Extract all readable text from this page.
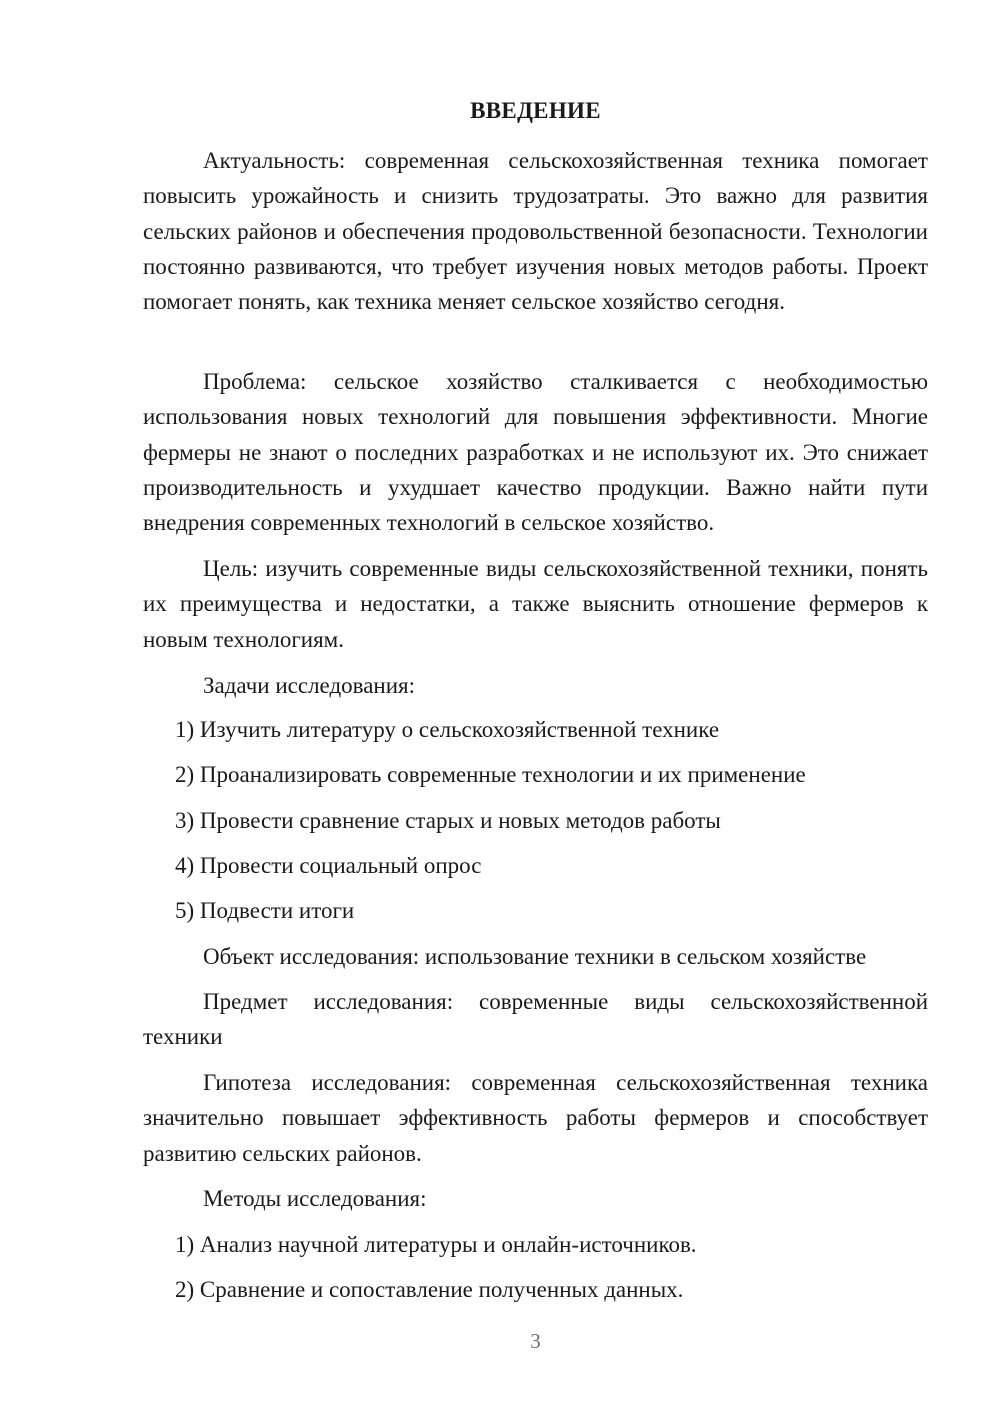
ВВЕДЕНИЕ

Актуальность: современная сельскохозяйственная техника помогает повысить урожайность и снизить трудозатраты. Это важно для развития сельских районов и обеспечения продовольственной безопасности. Технологии постоянно развиваются, что требует изучения новых методов работы. Проект помогает понять, как техника меняет сельское хозяйство сегодня.

Проблема: сельское хозяйство сталкивается с необходимостью использования новых технологий для повышения эффективности. Многие фермеры не знают о последних разработках и не используют их. Это снижает производительность и ухудшает качество продукции. Важно найти пути внедрения современных технологий в сельское хозяйство.

Цель: изучить современные виды сельскохозяйственной техники, понять их преимущества и недостатки, а также выяснить отношение фермеров к новым технологиям.

Задачи исследования:
1) Изучить литературу о сельскохозяйственной технике
2) Проанализировать современные технологии и их применение
3) Провести сравнение старых и новых методов работы
4) Провести социальный опрос
5) Подвести итоги
Объект исследования: использование техники в сельском хозяйстве

Предмет исследования: современные виды сельскохозяйственной техники

Гипотеза исследования: современная сельскохозяйственная техника значительно повышает эффективность работы фермеров и способствует развитию сельских районов.

Методы исследования:
1) Анализ научной литературы и онлайн-источников.
2) Сравнение и сопоставление полученных данных.
3
